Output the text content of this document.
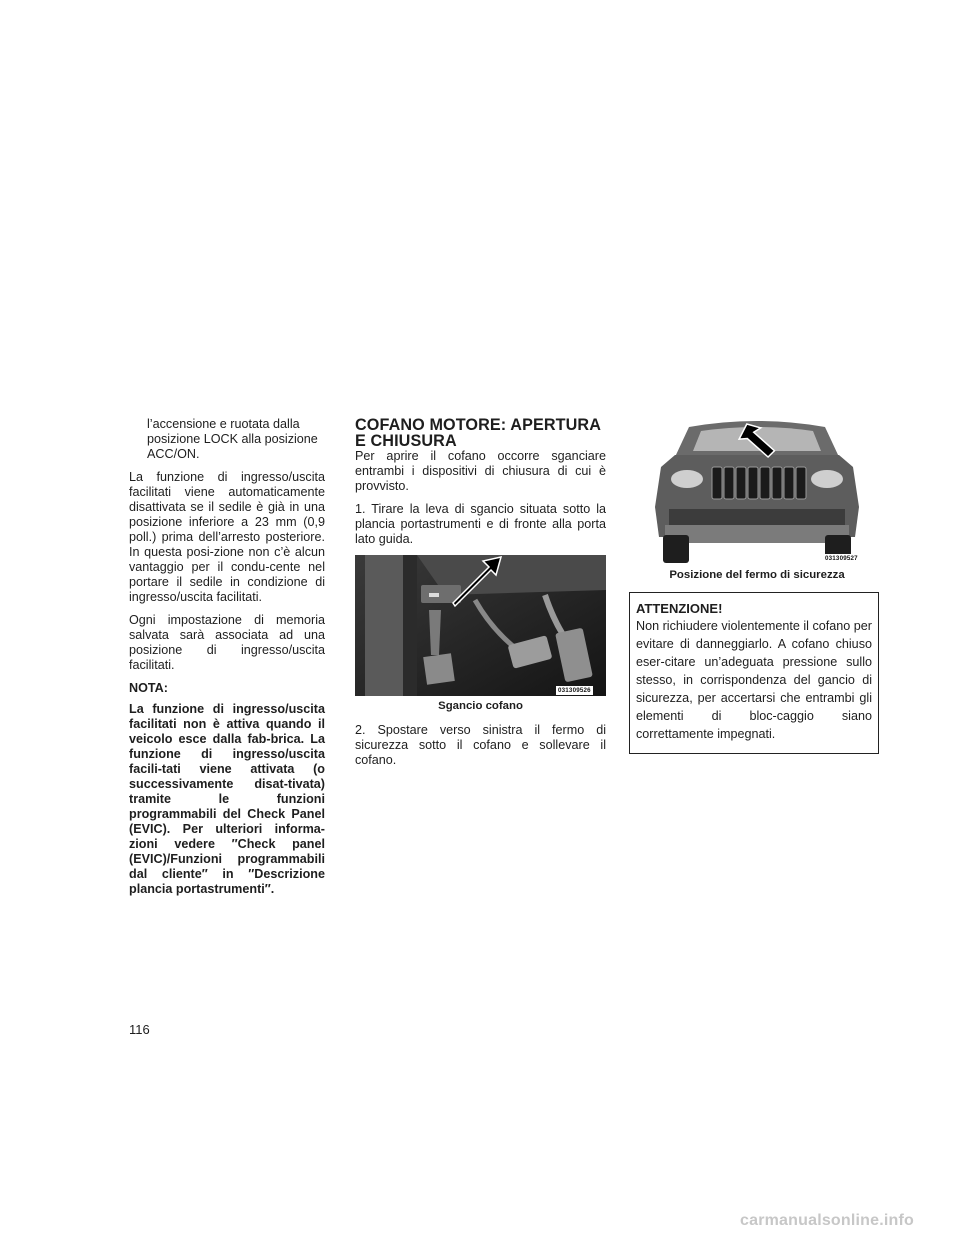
l’accensione e ruotata dalla posizione LOCK alla posizione ACC/ON.

La funzione di ingresso/uscita facilitati viene automaticamente disattivata se il sedile è già in una posizione inferiore a 23 mm (0,9 poll.) prima dell’arresto posteriore. In questa posi-zione non c’è alcun vantaggio per il condu-cente nel portare il sedile in condizione di ingresso/uscita facilitati.

Ogni impostazione di memoria salvata sarà associata ad una posizione di ingresso/uscita facilitati.

NOTA:

La funzione di ingresso/uscita facilitati non è attiva quando il veicolo esce dalla fab-brica. La funzione di ingresso/uscita facili-tati viene attivata (o successivamente disat-tivata) tramite le funzioni programmabili del Check Panel (EVIC). Per ulteriori informa-zioni vedere ″Check panel (EVIC)/Funzioni programmabili dal cliente″ in ″Descrizione plancia portastrumenti″.

COFANO MOTORE: APERTURA E CHIUSURA

Per aprire il cofano occorre sganciare entrambi i dispositivi di chiusura di cui è provvisto.

1. Tirare la leva di sgancio situata sotto la plancia portastrumenti e di fronte alla porta lato guida.

031309526

Sgancio cofano

2. Spostare verso sinistra il fermo di sicurezza sotto il cofano e sollevare il cofano.

031309527

Posizione del fermo di sicurezza

ATTENZIONE!

Non richiudere violentemente il cofano per evitare di danneggiarlo. A cofano chiuso eser-citare un’adeguata pressione sullo stesso, in corrispondenza del gancio di sicurezza, per accertarsi che entrambi gli elementi di bloc-caggio siano correttamente impegnati.

116
carmanualsonline.info
